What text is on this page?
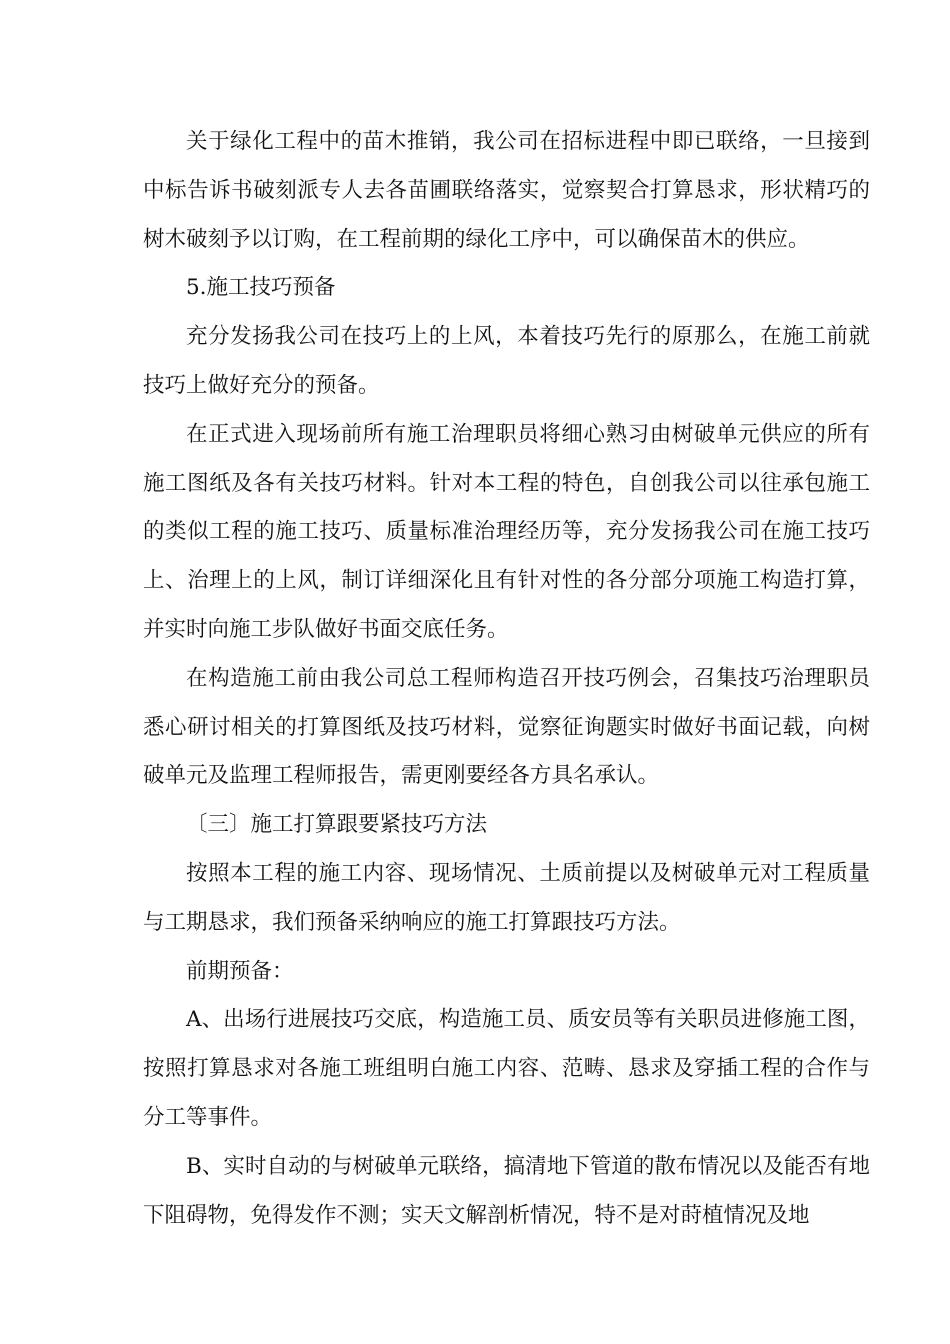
关于绿化工程中的苗木推销，我公司在招标进程中即已联络，一旦接到中标告诉书破刻派专人去各苗圃联络落实，觉察契合打算恳求，形状精巧的树木破刻予以订购，在工程前期的绿化工序中，可以确保苗木的供应。

5.施工技巧预备

充分发扬我公司在技巧上的上风，本着技巧先行的原那么，在施工前就技巧上做好充分的预备。

在正式进入现场前所有施工治理职员将细心熟习由树破单元供应的所有施工图纸及各有关技巧材料。针对本工程的特色，自创我公司以往承包施工的类似工程的施工技巧、质量标准治理经历等，充分发扬我公司在施工技巧上、治理上的上风，制订详细深化且有针对性的各分部分项施工构造打算，并实时向施工步队做好书面交底任务。

在构造施工前由我公司总工程师构造召开技巧例会，召集技巧治理职员悉心研讨相关的打算图纸及技巧材料，觉察征询题实时做好书面记载，向树破单元及监理工程师报告，需更刚要经各方具名承认。

〔三〕施工打算跟要紧技巧方法

按照本工程的施工内容、现场情况、土质前提以及树破单元对工程质量与工期恳求，我们预备采纳响应的施工打算跟技巧方法。

前期预备：

A、出场行进展技巧交底，构造施工员、质安员等有关职员进修施工图，按照打算恳求对各施工班组明白施工内容、范畴、恳求及穿插工程的合作与分工等事件。

B、实时自动的与树破单元联络，搞清地下管道的散布情况以及能否有地下阻碍物，免得发作不测；实天文解剖析情况，特不是对莳植情况及地
